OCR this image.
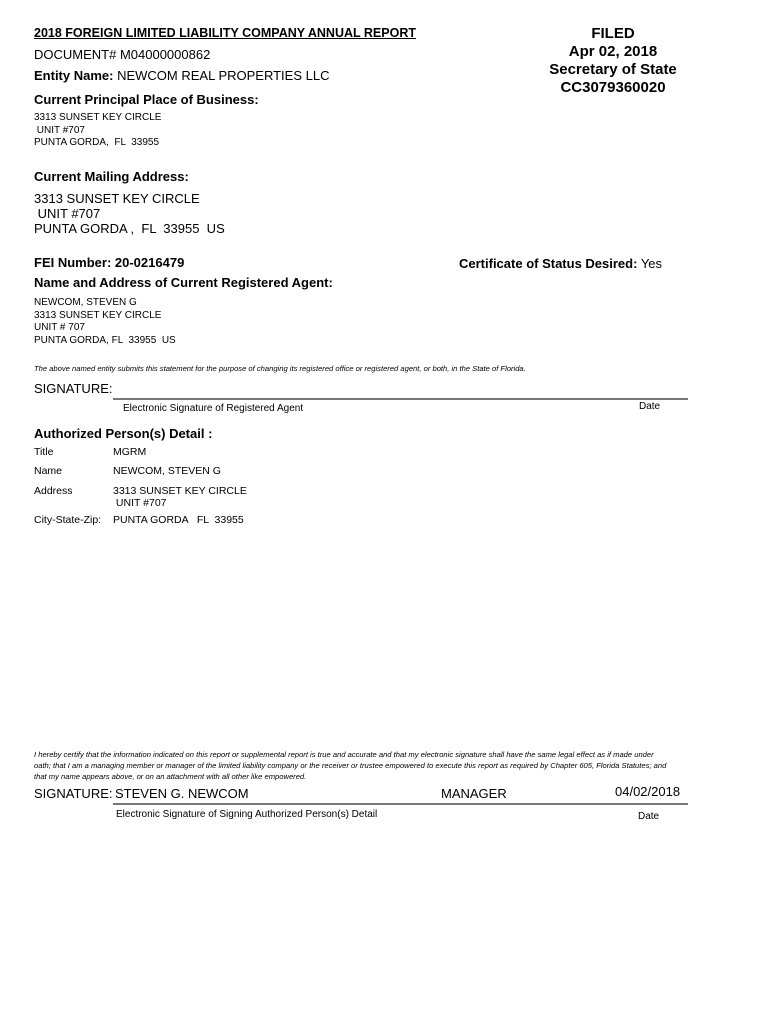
2018 FOREIGN LIMITED LIABILITY COMPANY ANNUAL REPORT	FILED
Apr 02, 2018
Secretary of State
CC3079360020
DOCUMENT# M04000000862
Entity Name: NEWCOM REAL PROPERTIES LLC
Current Principal Place of Business:
3313 SUNSET KEY CIRCLE
UNIT #707
PUNTA GORDA,  FL  33955
Current Mailing Address:
3313 SUNSET KEY CIRCLE
UNIT #707
PUNTA GORDA ,  FL  33955  US
FEI Number: 20-0216479	Certificate of Status Desired: Yes
Name and Address of Current Registered Agent:
NEWCOM, STEVEN G
3313 SUNSET KEY CIRCLE
UNIT # 707
PUNTA GORDA, FL  33955  US
The above named entity submits this statement for the purpose of changing its registered office or registered agent, or both, in the State of Florida.
SIGNATURE:
Electronic Signature of Registered Agent	Date
Authorized Person(s) Detail :
Title	MGRM
Name	NEWCOM, STEVEN G
Address	3313 SUNSET KEY CIRCLE
UNIT #707
City-State-Zip: PUNTA GORDA   FL  33955
I hereby certify that the information indicated on this report or supplemental report is true and accurate and that my electronic signature shall have the same legal effect as if made under
oath; that I am a managing member or manager of the limited liability company or the receiver or trustee empowered to execute this report as required by Chapter 605, Florida Statutes; and
that my name appears above, or on an attachment with all other like empowered.
SIGNATURE: STEVEN G. NEWCOM	MANAGER	04/02/2018
Electronic Signature of Signing Authorized Person(s) Detail	Date
